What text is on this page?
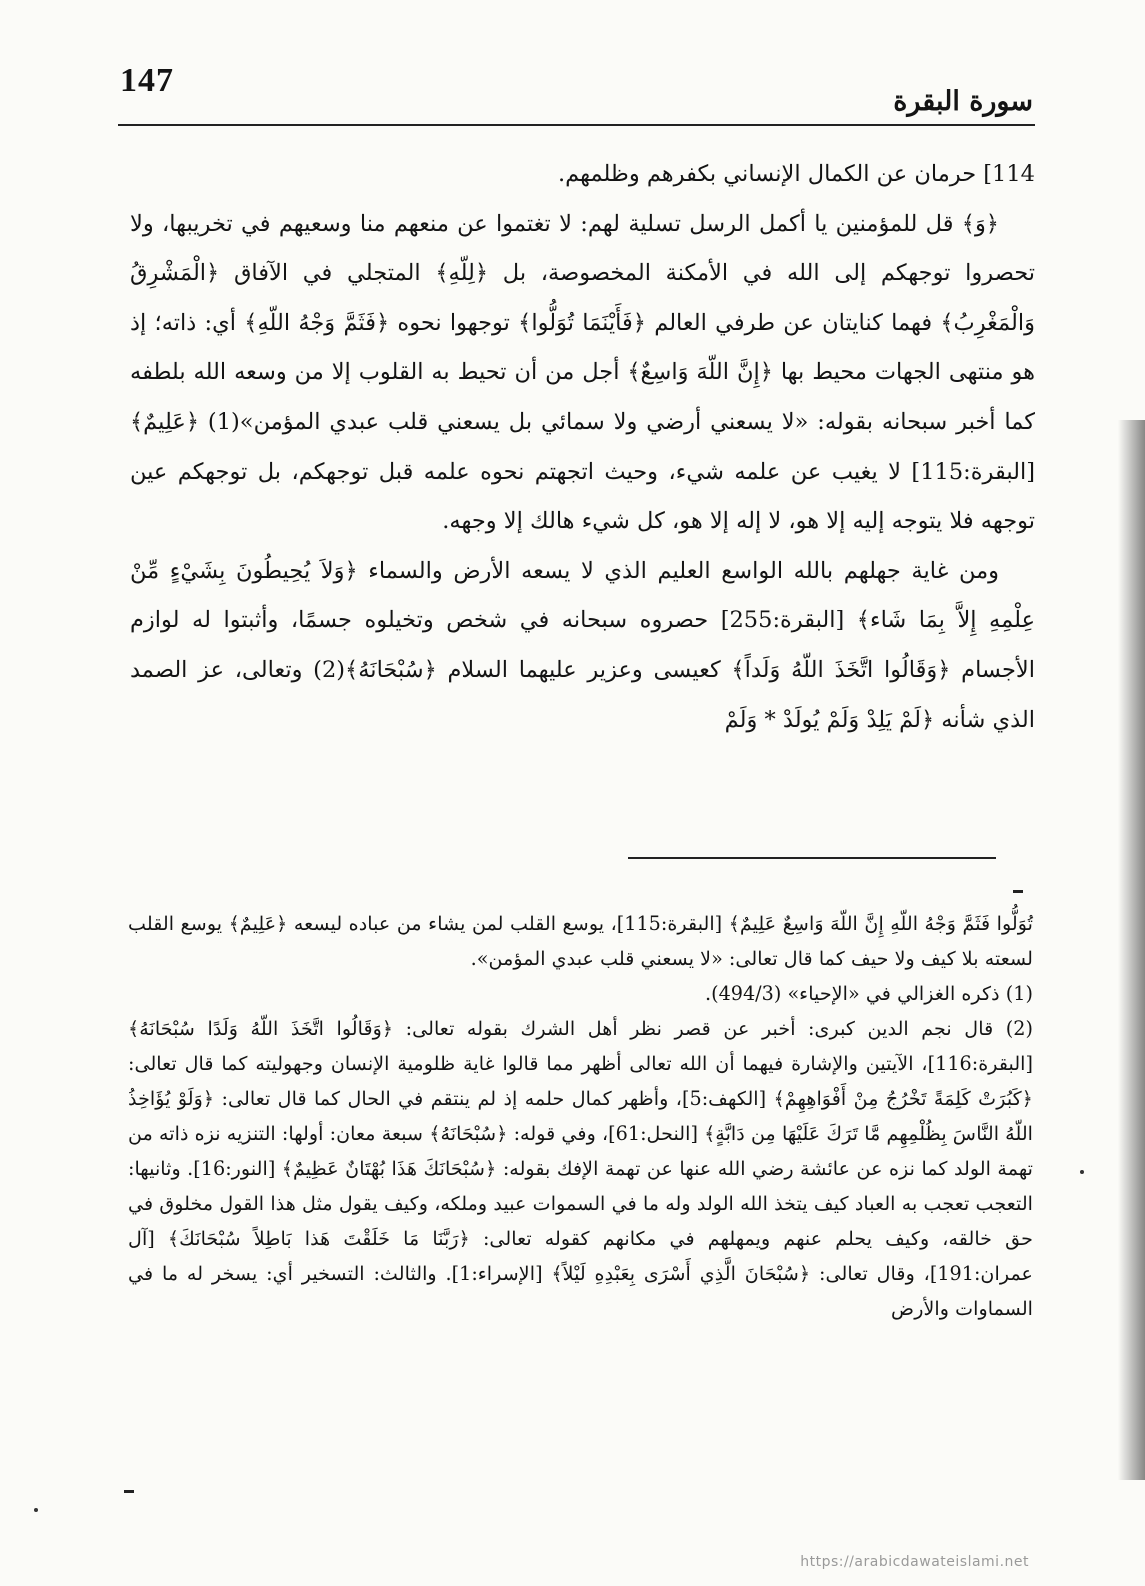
147
سورة البقرة

114] حرمان عن الكمال الإنساني بكفرهم وظلمهم.

﴿وَ﴾ قل للمؤمنين يا أكمل الرسل تسلية لهم: لا تغتموا عن منعهم منا وسعيهم في تخريبها، ولا تحصروا توجهكم إلى الله في الأمكنة المخصوصة، بل ﴿لِلّهِ﴾ المتجلي في الآفاق ﴿الْمَشْرِقُ وَالْمَغْرِبُ﴾ فهما كنايتان عن طرفي العالم ﴿فَأَيْنَمَا تُوَلُّوا﴾ توجهوا نحوه ﴿فَثَمَّ وَجْهُ اللّهِ﴾ أي: ذاته؛ إذ هو منتهى الجهات محيط بها ﴿إِنَّ اللّهَ وَاسِعٌ﴾ أجل من أن تحيط به القلوب إلا من وسعه الله بلطفه كما أخبر سبحانه بقوله: «لا يسعني أرضي ولا سمائي بل يسعني قلب عبدي المؤمن»(1) ﴿عَلِيمٌ﴾ [البقرة:115] لا يغيب عن علمه شيء، وحيث اتجهتم نحوه علمه قبل توجهكم، بل توجهكم عين توجهه فلا يتوجه إليه إلا هو، لا إله إلا هو، كل شيء هالك إلا وجهه.

ومن غاية جهلهم بالله الواسع العليم الذي لا يسعه الأرض والسماء ﴿وَلاَ يُحِيطُونَ بِشَيْءٍ مِّنْ عِلْمِهِ إِلاَّ بِمَا شَاء﴾ [البقرة:255] حصروه سبحانه في شخص وتخيلوه جسمًا، وأثبتوا له لوازم الأجسام ﴿وَقَالُوا اتَّخَذَ اللّهُ وَلَداً﴾ كعيسى وعزير عليهما السلام ﴿سُبْحَانَهُ﴾(2) وتعالى، عز الصمد الذي شأنه ﴿لَمْ يَلِدْ وَلَمْ يُولَدْ * وَلَمْ

تُوَلُّوا فَثَمَّ وَجْهُ اللّهِ إِنَّ اللّهَ وَاسِعٌ عَلِيمٌ﴾ [البقرة:115]، يوسع القلب لمن يشاء من عباده ليسعه ﴿عَلِيمٌ﴾ يوسع القلب لسعته بلا كيف ولا حيف كما قال تعالى: «لا يسعني قلب عبدي المؤمن».

(1) ذكره الغزالي في «الإحياء» (494/3).

(2) قال نجم الدين كبرى: أخبر عن قصر نظر أهل الشرك بقوله تعالى: ﴿وَقَالُوا اتَّخَذَ اللّهُ وَلَدًا سُبْحَانَهُ﴾ [البقرة:116]، الآيتين والإشارة فيهما أن الله تعالى أظهر مما قالوا غاية ظلومية الإنسان وجهوليته كما قال تعالى: ﴿كَبُرَتْ كَلِمَةً تَخْرُجُ مِنْ أَفْوَاهِهِمْ﴾ [الكهف:5]، وأظهر كمال حلمه إذ لم ينتقم في الحال كما قال تعالى: ﴿وَلَوْ يُؤَاخِذُ اللّهُ النَّاسَ بِظُلْمِهِم مَّا تَرَكَ عَلَيْهَا مِن دَابَّةٍ﴾ [النحل:61]، وفي قوله: ﴿سُبْحَانَهُ﴾ سبعة معان: أولها: التنزيه نزه ذاته من تهمة الولد كما نزه عن عائشة رضي الله عنها عن تهمة الإفك بقوله: ﴿سُبْحَانَكَ هَذَا بُهْتَانٌ عَظِيمٌ﴾ [النور:16]. وثانيها: التعجب تعجب به العباد كيف يتخذ الله الولد وله ما في السموات عبيد وملكه، وكيف يقول مثل هذا القول مخلوق في حق خالقه، وكيف يحلم عنهم ويمهلهم في مكانهم كقوله تعالى: ﴿رَبَّنَا مَا خَلَقْتَ هَذا بَاطِلاً سُبْحَانَكَ﴾ [آل عمران:191]، وقال تعالى: ﴿سُبْحَانَ الَّذِي أَسْرَى بِعَبْدِهِ لَيْلاً﴾ [الإسراء:1]. والثالث: التسخير أي: يسخر له ما في السماوات والأرض

https://arabicdawateislami.net
